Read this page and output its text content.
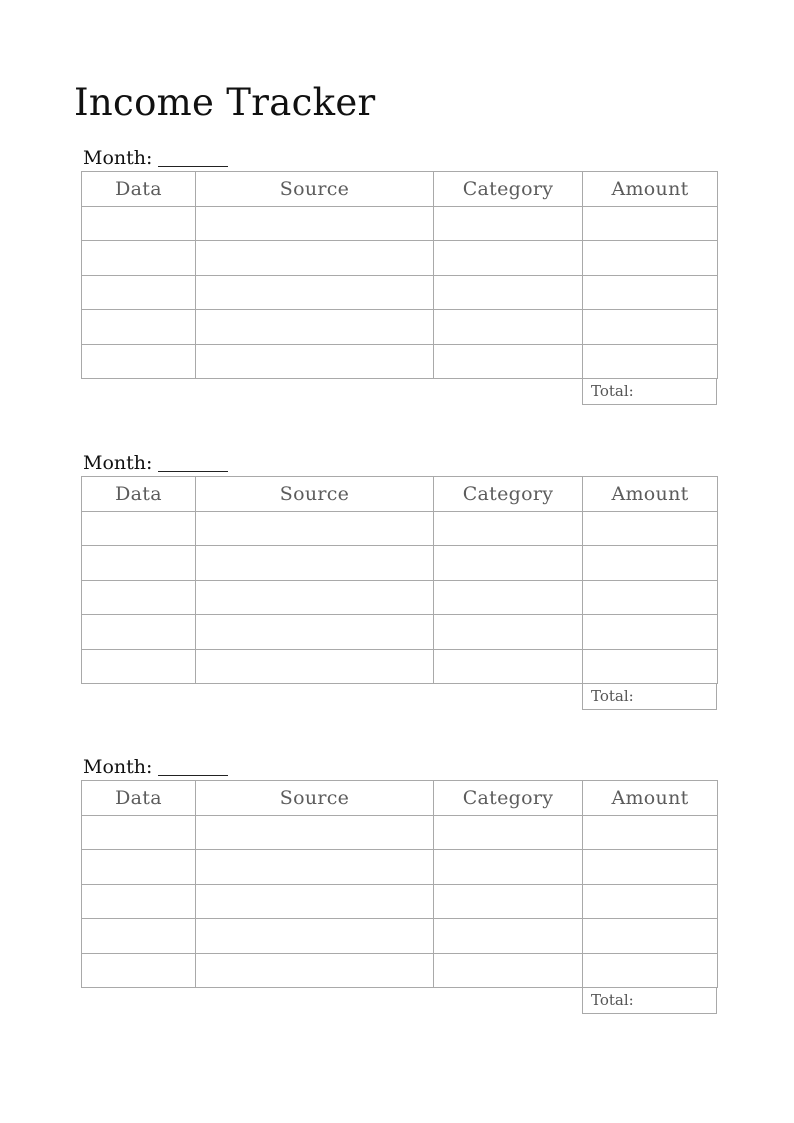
Income Tracker
Month:
Data	Source	Category	Amount

Total:
Month:
Data	Source	Category	Amount

Total:
Month:
Data	Source	Category	Amount

Total:
